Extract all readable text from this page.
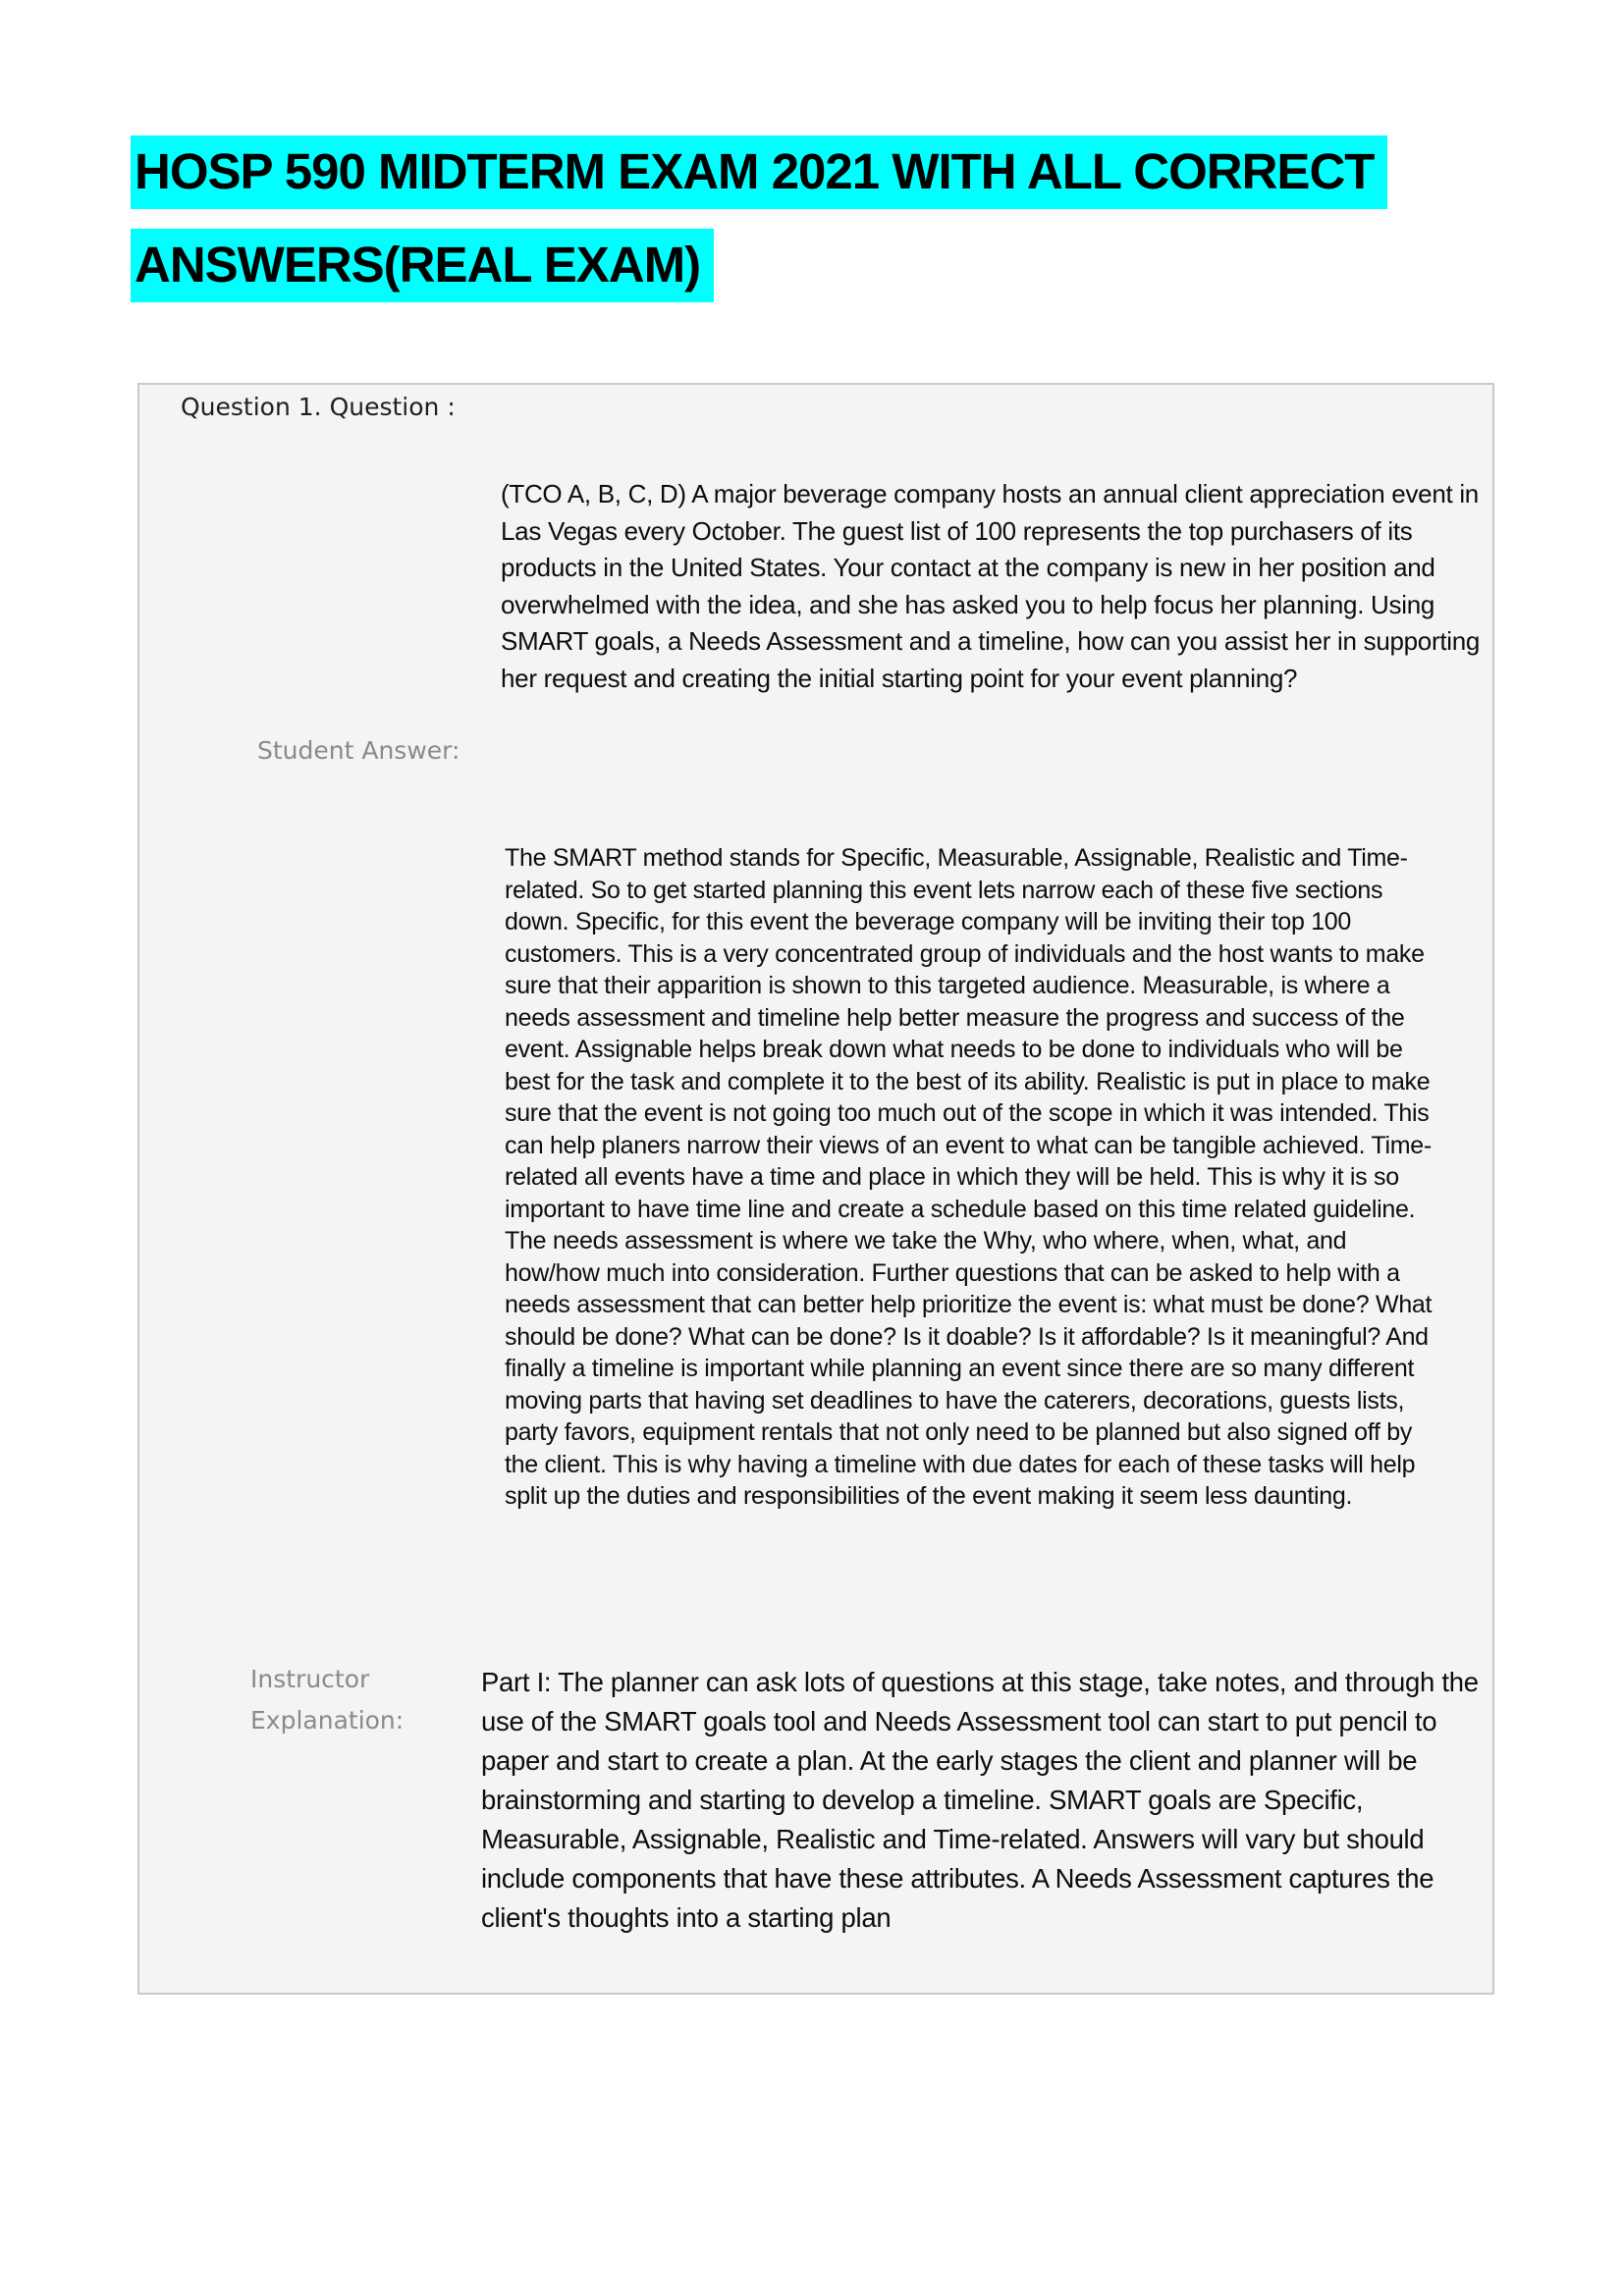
HOSP 590 MIDTERM EXAM 2021 WITH ALL CORRECT
ANSWERS(REAL EXAM)
Question 1. Question :
(TCO A, B, C, D) A major beverage company hosts an annual client appreciation event in Las Vegas every October. The guest list of 100 represents the top purchasers of its products in the United States. Your contact at the company is new in her position and overwhelmed with the idea, and she has asked you to help focus her planning. Using SMART goals, a Needs Assessment and a timeline, how can you assist her in supporting her request and creating the initial starting point for your event planning?
Student Answer:
The SMART method stands for Specific, Measurable, Assignable, Realistic and Time-related. So to get started planning this event lets narrow each of these five sections down. Specific, for this event the beverage company will be inviting their top 100 customers. This is a very concentrated group of individuals and the host wants to make sure that their apparition is shown to this targeted audience. Measurable, is where a needs assessment and timeline help better measure the progress and success of the event. Assignable helps break down what needs to be done to individuals who will be best for the task and complete it to the best of its ability. Realistic is put in place to make sure that the event is not going too much out of the scope in which it was intended. This can help planers narrow their views of an event to what can be tangible achieved. Time-related all events have a time and place in which they will be held. This is why it is so important to have time line and create a schedule based on this time related guideline. The needs assessment is where we take the Why, who where, when, what, and how/how much into consideration. Further questions that can be asked to help with a needs assessment that can better help prioritize the event is: what must be done? What should be done? What can be done? Is it doable? Is it affordable? Is it meaningful? And finally a timeline is important while planning an event since there are so many different moving parts that having set deadlines to have the caterers, decorations, guests lists, party favors, equipment rentals that not only need to be planned but also signed off by the client. This is why having a timeline with due dates for each of these tasks will help split up the duties and responsibilities of the event making it seem less daunting.
Instructor Explanation:
Part I: The planner can ask lots of questions at this stage, take notes, and through the use of the SMART goals tool and Needs Assessment tool can start to put pencil to paper and start to create a plan. At the early stages the client and planner will be brainstorming and starting to develop a timeline. SMART goals are Specific, Measurable, Assignable, Realistic and Time-related. Answers will vary but should include components that have these attributes. A Needs Assessment captures the client's thoughts into a starting plan
